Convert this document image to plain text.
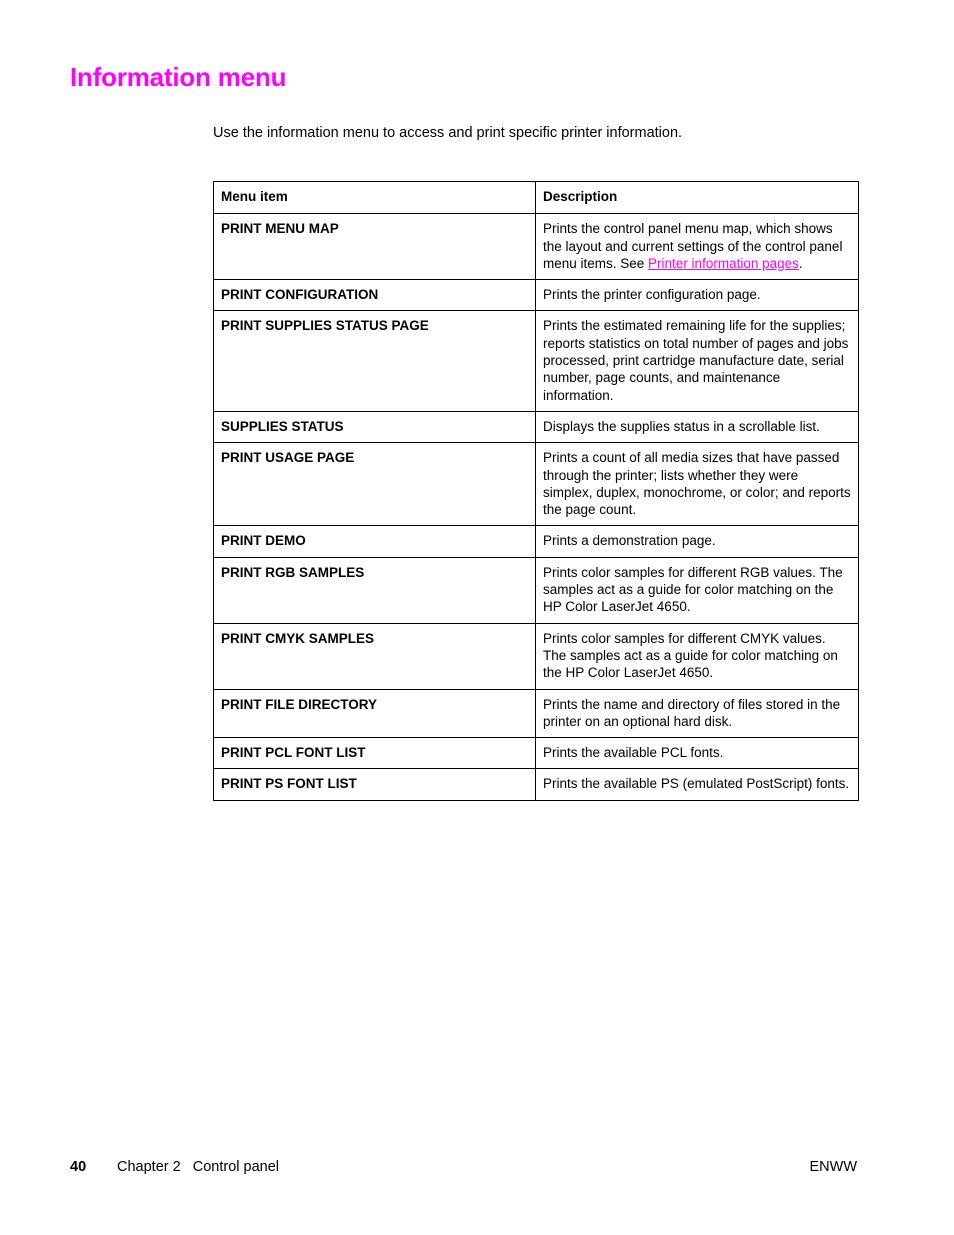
Information menu

Use the information menu to access and print specific printer information.

Menu item	Description
PRINT MENU MAP	Prints the control panel menu map, which shows the layout and current settings of the control panel menu items. See Printer information pages.
PRINT CONFIGURATION	Prints the printer configuration page.
PRINT SUPPLIES STATUS PAGE	Prints the estimated remaining life for the supplies; reports statistics on total number of pages and jobs processed, print cartridge manufacture date, serial number, page counts, and maintenance information.
SUPPLIES STATUS	Displays the supplies status in a scrollable list.
PRINT USAGE PAGE	Prints a count of all media sizes that have passed through the printer; lists whether they were simplex, duplex, monochrome, or color; and reports the page count.
PRINT DEMO	Prints a demonstration page.
PRINT RGB SAMPLES	Prints color samples for different RGB values. The samples act as a guide for color matching on the HP Color LaserJet 4650.
PRINT CMYK SAMPLES	Prints color samples for different CMYK values. The samples act as a guide for color matching on the HP Color LaserJet 4650.
PRINT FILE DIRECTORY	Prints the name and directory of files stored in the printer on an optional hard disk.
PRINT PCL FONT LIST	Prints the available PCL fonts.
PRINT PS FONT LIST	Prints the available PS (emulated PostScript) fonts.
40 Chapter 2   Control panel	ENWW
